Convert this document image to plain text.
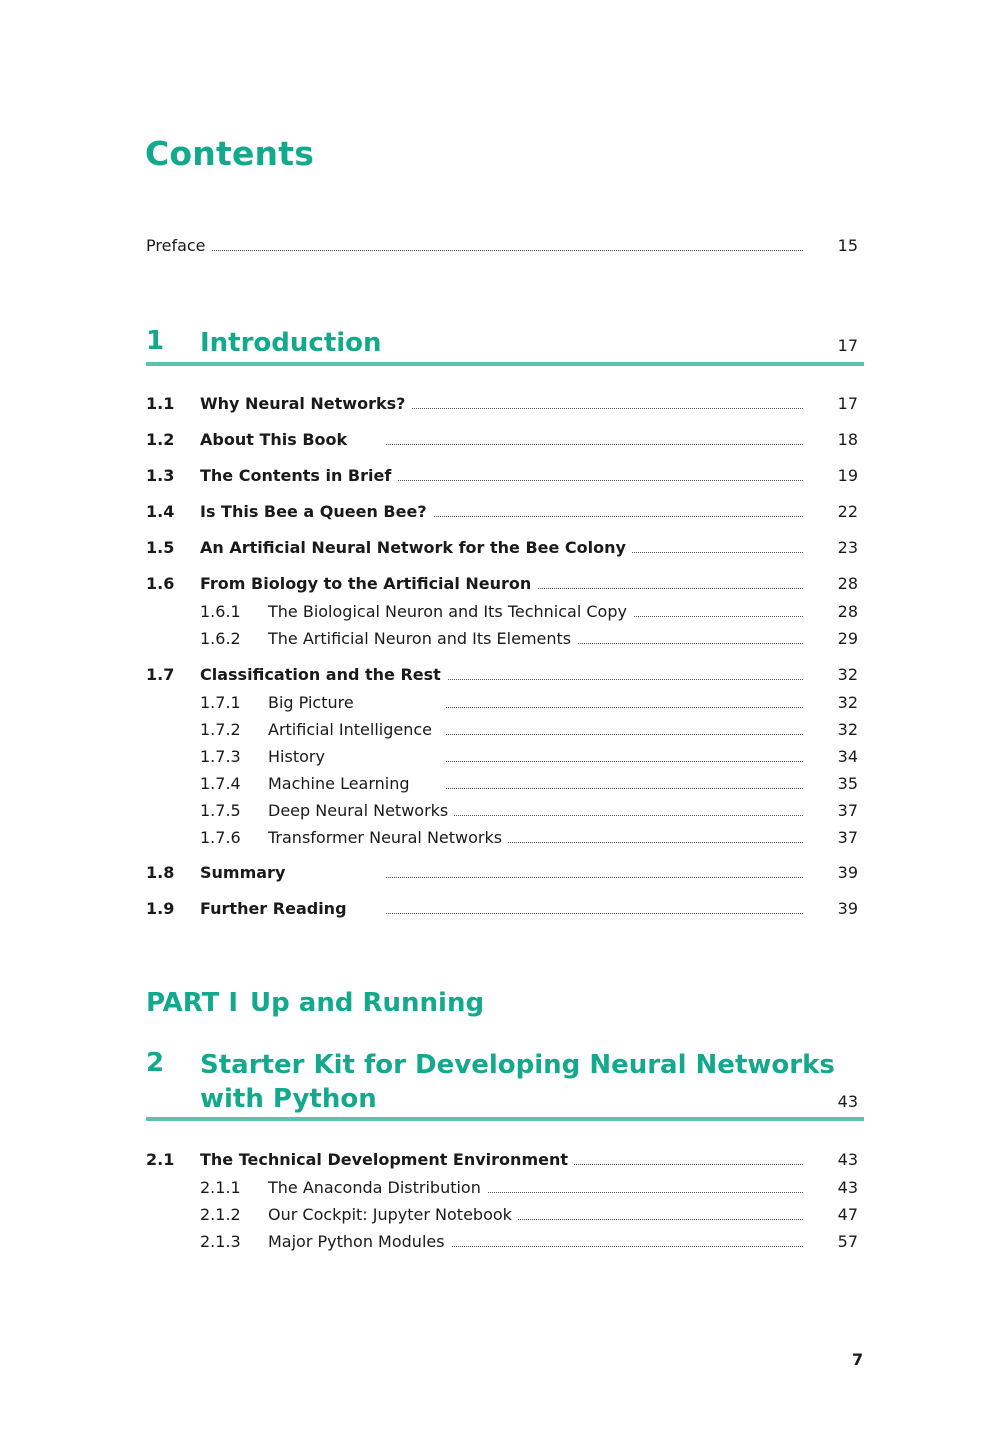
Contents
Preface	15
1 Introduction	17
1.1 Why Neural Networks?	17
1.2 About This Book	18
1.3 The Contents in Brief	19
1.4 Is This Bee a Queen Bee?	22
1.5 An Artificial Neural Network for the Bee Colony	23
1.6 From Biology to the Artificial Neuron	28
1.6.1 The Biological Neuron and Its Technical Copy	28
1.6.2 The Artificial Neuron and Its Elements	29
1.7 Classification and the Rest	32
1.7.1 Big Picture	32
1.7.2 Artificial Intelligence	32
1.7.3 History	34
1.7.4 Machine Learning	35
1.7.5 Deep Neural Networks	37
1.7.6 Transformer Neural Networks	37
1.8 Summary	39
1.9 Further Reading	39
PART I Up and Running
2 Starter Kit for Developing Neural Networks
with Python	43
2.1 The Technical Development Environment	43
2.1.1 The Anaconda Distribution	43
2.1.2 Our Cockpit: Jupyter Notebook	47
2.1.3 Major Python Modules	57
7
